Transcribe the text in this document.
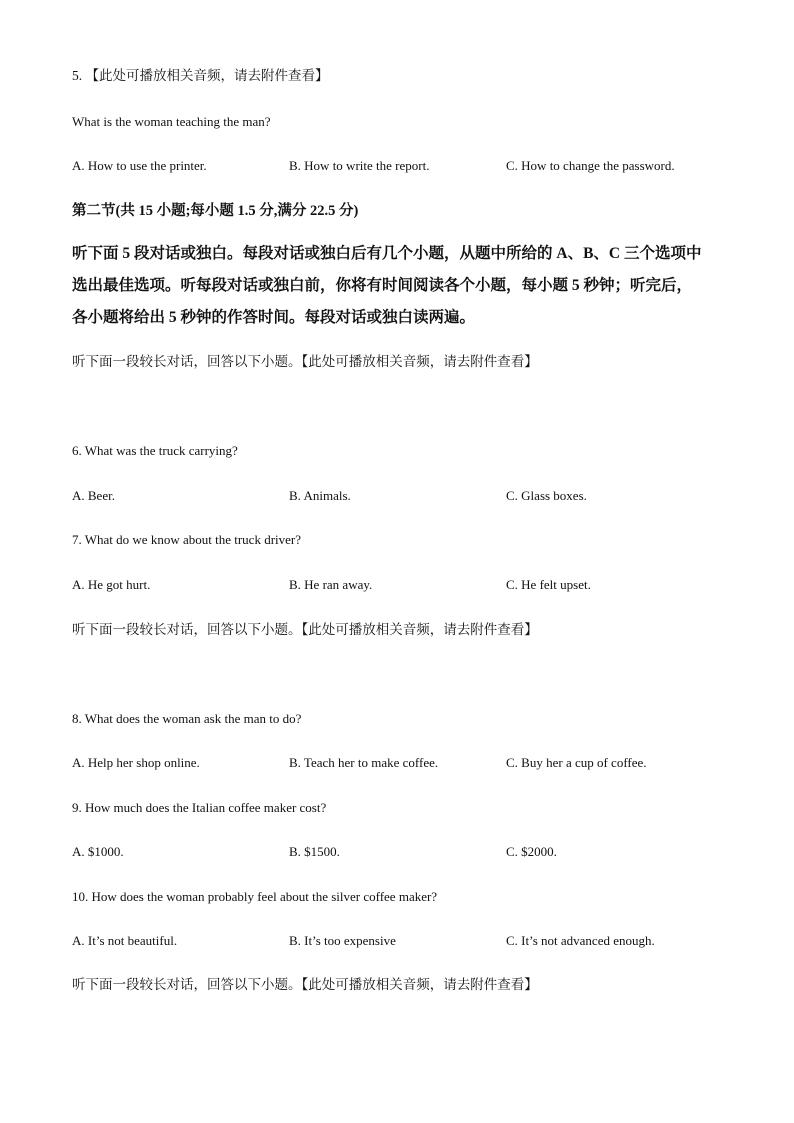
5. 【此处可播放相关音频，请去附件查看】
What is the woman teaching the man?
A. How to use the printer.	B. How to write the report.	C. How to change the password.
第二节(共 15 小题;每小题 1.5 分,满分 22.5 分)
听下面 5 段对话或独白。每段对话或独白后有几个小题，从题中所给的 A、B、C 三个选项中
选出最佳选项。听每段对话或独白前，你将有时间阅读各个小题，每小题 5 秒钟；听完后，
各小题将给出 5 秒钟的作答时间。每段对话或独白读两遍。
听下面一段较长对话，回答以下小题。【此处可播放相关音频，请去附件查看】
6. What was the truck carrying?
A. Beer.	B. Animals.	C. Glass boxes.
7. What do we know about the truck driver?
A. He got hurt.	B. He ran away.	C. He felt upset.
听下面一段较长对话，回答以下小题。【此处可播放相关音频，请去附件查看】
8. What does the woman ask the man to do?
A. Help her shop online.	B. Teach her to make coffee.	C. Buy her a cup of coffee.
9. How much does the Italian coffee maker cost?
A. $1000.	B. $1500.	C. $2000.
10. How does the woman probably feel about the silver coffee maker?
A. It’s not beautiful.	B. It’s too expensive	C. It’s not advanced enough.
听下面一段较长对话，回答以下小题。【此处可播放相关音频，请去附件查看】
